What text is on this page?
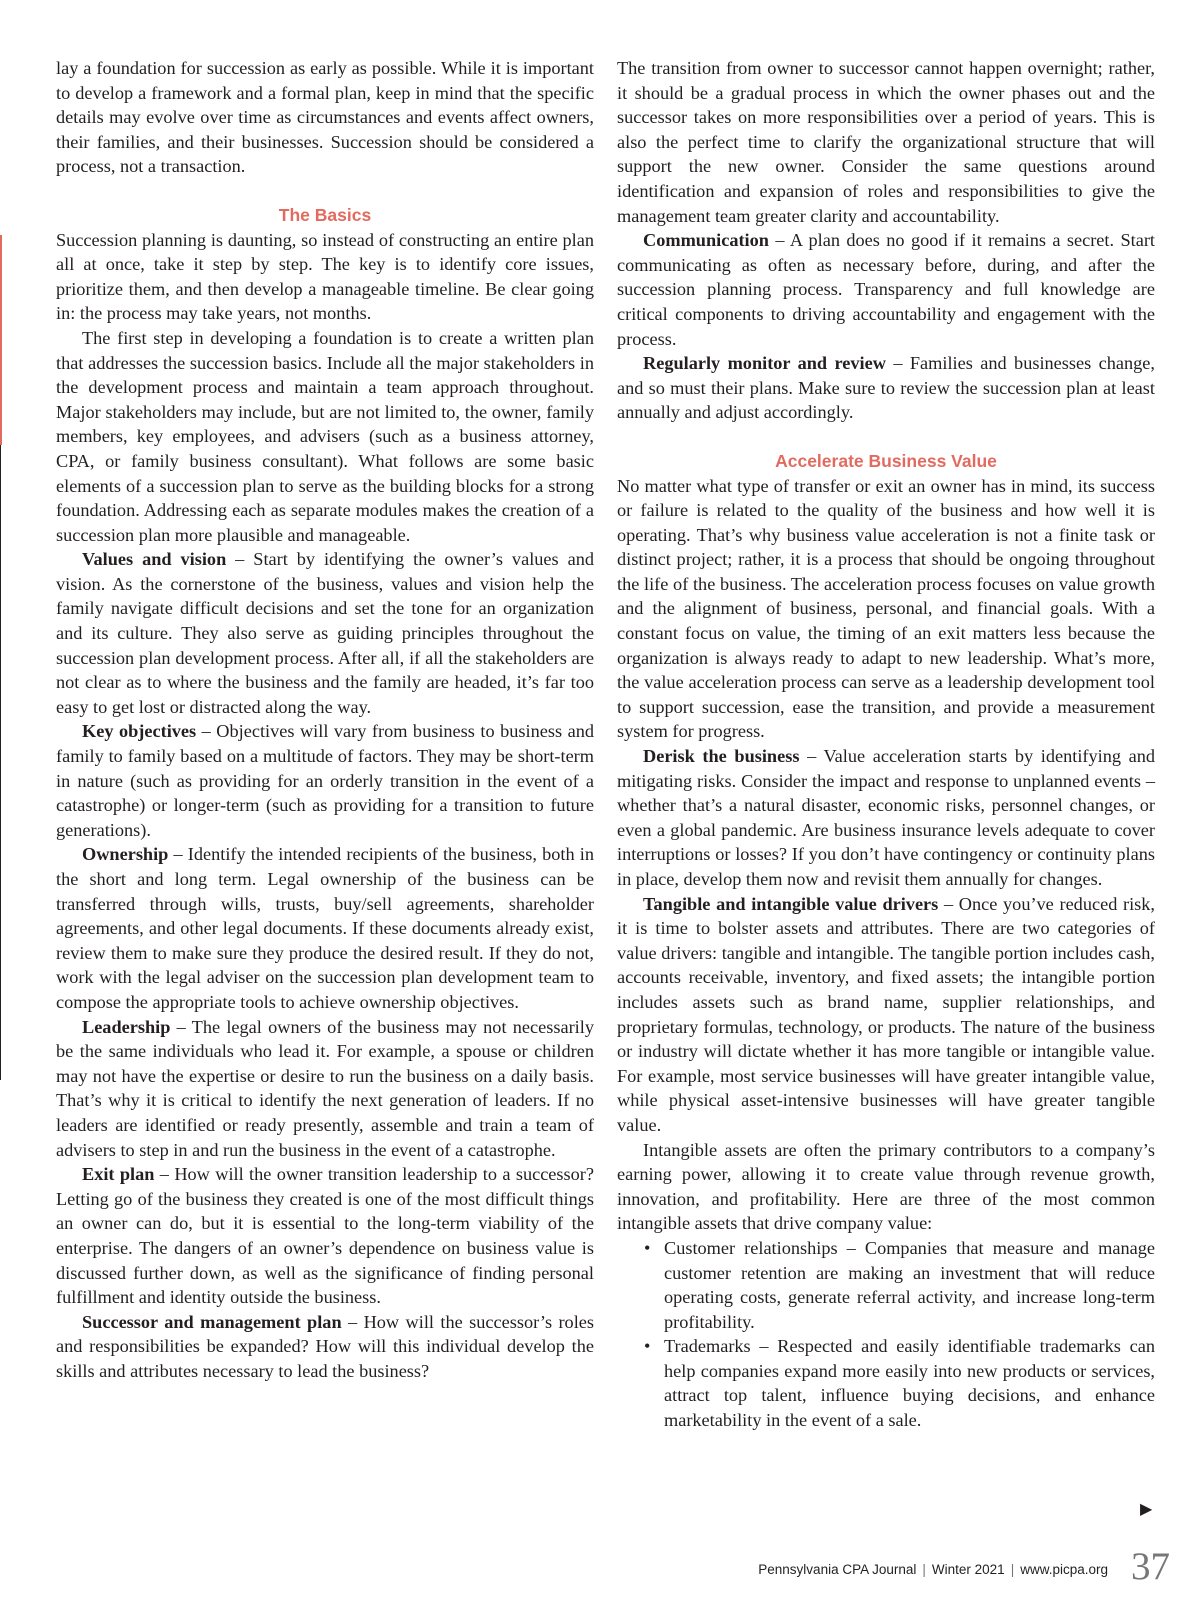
lay a foundation for succession as early as possible. While it is important to develop a framework and a formal plan, keep in mind that the specific details may evolve over time as circumstances and events affect owners, their families, and their businesses. Succession should be considered a process, not a transaction.

The Basics

Succession planning is daunting, so instead of constructing an entire plan all at once, take it step by step. The key is to identify core issues, prioritize them, and then develop a manageable timeline. Be clear going in: the process may take years, not months.

The first step in developing a foundation is to create a written plan that addresses the succession basics. Include all the major stakeholders in the development process and maintain a team approach throughout. Major stakeholders may include, but are not limited to, the owner, family members, key employees, and advisers (such as a business attorney, CPA, or family business consultant). What follows are some basic elements of a succession plan to serve as the building blocks for a strong foundation. Addressing each as separate modules makes the creation of a succession plan more plausible and manageable.

Values and vision – Start by identifying the owner’s values and vision. As the cornerstone of the business, values and vision help the family navigate difficult decisions and set the tone for an organization and its culture. They also serve as guiding principles throughout the succession plan development process. After all, if all the stakeholders are not clear as to where the business and the family are headed, it’s far too easy to get lost or distracted along the way.

Key objectives – Objectives will vary from business to business and family to family based on a multitude of factors. They may be short-term in nature (such as providing for an orderly transition in the event of a catastrophe) or longer-term (such as providing for a transition to future generations).

Ownership – Identify the intended recipients of the business, both in the short and long term. Legal ownership of the business can be transferred through wills, trusts, buy/sell agreements, shareholder agreements, and other legal documents. If these documents already exist, review them to make sure they produce the desired result. If they do not, work with the legal adviser on the succession plan development team to compose the appropriate tools to achieve ownership objectives.

Leadership – The legal owners of the business may not necessarily be the same individuals who lead it. For example, a spouse or children may not have the expertise or desire to run the business on a daily basis. That’s why it is critical to identify the next generation of leaders. If no leaders are identified or ready presently, assemble and train a team of advisers to step in and run the business in the event of a catastrophe.

Exit plan – How will the owner transition leadership to a successor? Letting go of the business they created is one of the most difficult things an owner can do, but it is essential to the long-term viability of the enterprise. The dangers of an owner’s dependence on business value is discussed further down, as well as the significance of finding personal fulfillment and identity outside the business.

Successor and management plan – How will the successor’s roles and responsibilities be expanded? How will this individual develop the skills and attributes necessary to lead the business?

The transition from owner to successor cannot happen overnight; rather, it should be a gradual process in which the owner phases out and the successor takes on more responsibilities over a period of years. This is also the perfect time to clarify the organizational structure that will support the new owner. Consider the same questions around identification and expansion of roles and responsibilities to give the management team greater clarity and accountability.

Communication – A plan does no good if it remains a secret. Start communicating as often as necessary before, during, and after the succession planning process. Transparency and full knowledge are critical components to driving accountability and engagement with the process.

Regularly monitor and review – Families and businesses change, and so must their plans. Make sure to review the succession plan at least annually and adjust accordingly.

Accelerate Business Value

No matter what type of transfer or exit an owner has in mind, its success or failure is related to the quality of the business and how well it is operating. That’s why business value acceleration is not a finite task or distinct project; rather, it is a process that should be ongoing throughout the life of the business. The acceleration process focuses on value growth and the alignment of business, personal, and financial goals. With a constant focus on value, the timing of an exit matters less because the organization is always ready to adapt to new leadership. What’s more, the value acceleration process can serve as a leadership development tool to support succession, ease the transition, and provide a measurement system for progress.

Derisk the business – Value acceleration starts by identifying and mitigating risks. Consider the impact and response to unplanned events – whether that’s a natural disaster, economic risks, personnel changes, or even a global pandemic. Are business insurance levels adequate to cover interruptions or losses? If you don’t have contingency or continuity plans in place, develop them now and revisit them annually for changes.

Tangible and intangible value drivers – Once you’ve reduced risk, it is time to bolster assets and attributes. There are two categories of value drivers: tangible and intangible. The tangible portion includes cash, accounts receivable, inventory, and fixed assets; the intangible portion includes assets such as brand name, supplier relationships, and proprietary formulas, technology, or products. The nature of the business or industry will dictate whether it has more tangible or intangible value. For example, most service businesses will have greater intangible value, while physical asset-intensive businesses will have greater tangible value.

Intangible assets are often the primary contributors to a company’s earning power, allowing it to create value through revenue growth, innovation, and profitability. Here are three of the most common intangible assets that drive company value:

• Customer relationships – Companies that measure and manage customer retention are making an investment that will reduce operating costs, generate referral activity, and increase long-term profitability.
• Trademarks – Respected and easily identifiable trademarks can help companies expand more easily into new products or services, attract top talent, influence buying decisions, and enhance marketability in the event of a sale.
▶
Pennsylvania CPA Journal | Winter 2021 | www.picpa.org 37
